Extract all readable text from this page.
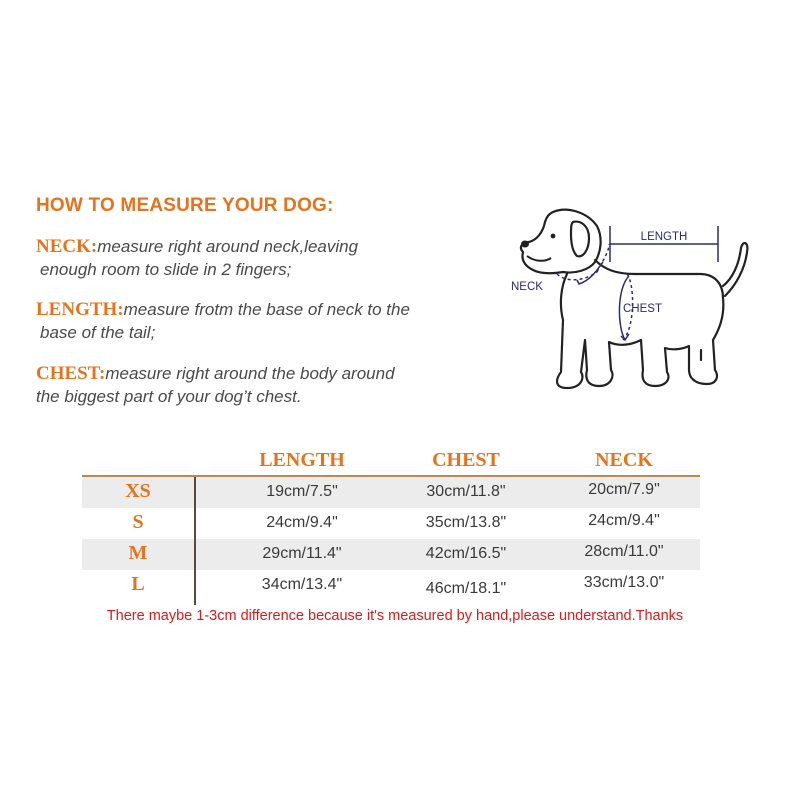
HOW TO MEASURE YOUR DOG:
NECK:measure right around neck,leaving
enough room to slide in 2 fingers;
LENGTH:measure frotm the base of neck to the
base of the tail;
CHEST:measure right around the body around
the biggest part of your dog’t chest.
LENGTH
NECK
CHEST
LENGTH	CHEST	NECK
XS	19cm/7.5"	30cm/11.8"	20cm/7.9"
S	24cm/9.4"	35cm/13.8"	24cm/9.4"
M	29cm/11.4"	42cm/16.5"	28cm/11.0"
L	34cm/13.4"	46cm/18.1"	33cm/13.0"
There maybe 1-3cm difference because it's measured by hand,please understand.Thanks
